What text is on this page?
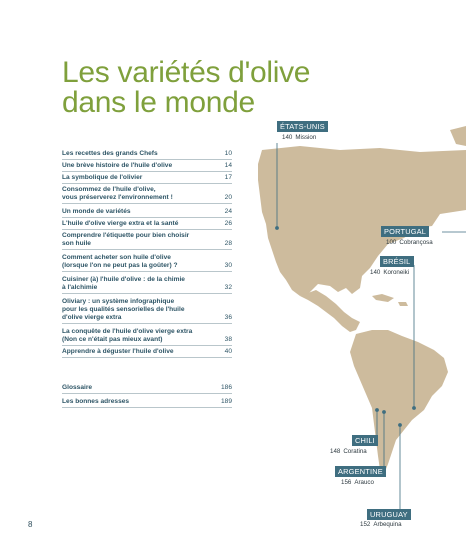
Les variétés d'olive
dans le monde
Les recettes des grands Chefs	10
Une brève histoire de l'huile d'olive	14
La symbolique de l'olivier	17
Consommez de l'huile d'olive,
vous préserverez l'environnement !	20
Un monde de variétés	24
L'huile d'olive vierge extra et la santé	26
Comprendre l'étiquette pour bien choisir
son huile	28
Comment acheter son huile d'olive
(lorsque l'on ne peut pas la goûter) ?	30
Cuisiner (à) l'huile d'olive : de la chimie
à l'alchimie	32
Oliviary : un système infographique
pour les qualités sensorielles de l'huile
d'olive vierge extra	36
La conquête de l'huile d'olive vierge extra
(Non ce n'était pas mieux avant)	38
Apprendre à déguster l'huile d'olive	40
Glossaire	186
Les bonnes adresses	189
8
ÉTATS-UNIS
140 Mission
PORTUGAL
100 Cobrançosa
BRÉSIL
140 Koroneiki
CHILI
148 Coratina
ARGENTINE
156 Arauco
URUGUAY
152 Arbequina
